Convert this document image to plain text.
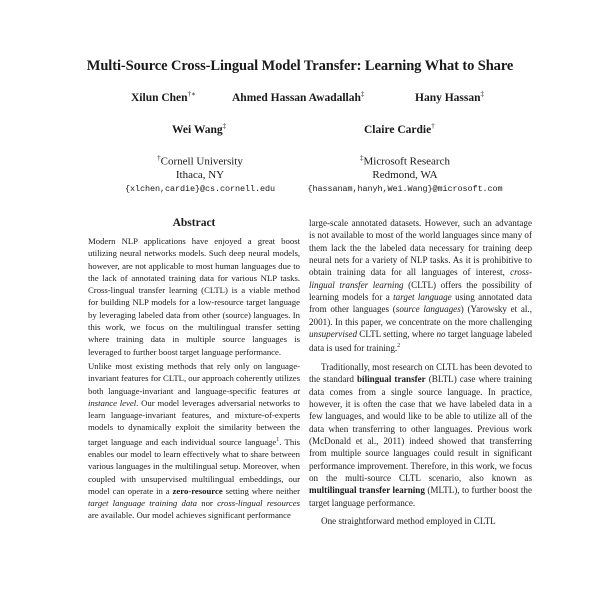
Multi-Source Cross-Lingual Model Transfer: Learning What to Share
Xilun Chen†∗	Ahmed Hassan Awadallah‡	Hany Hassan‡
Wei Wang‡	Claire Cardie†
†Cornell University
Ithaca, NY
{xlchen,cardie}@cs.cornell.edu
‡Microsoft Research
Redmond, WA
{hassanam,hanyh,Wei.Wang}@microsoft.com
Abstract

Modern NLP applications have enjoyed a great boost utilizing neural networks models. Such deep neural models, however, are not applicable to most human languages due to the lack of annotated training data for various NLP tasks. Cross-lingual transfer learning (CLTL) is a viable method for building NLP models for a low-resource target language by leveraging labeled data from other (source) languages. In this work, we focus on the multilingual transfer setting where training data in multiple source languages is leveraged to further boost target language performance.

Unlike most existing methods that rely only on language-invariant features for CLTL, our approach coherently utilizes both language-invariant and language-specific features at instance level. Our model leverages adversarial networks to learn language-invariant features, and mixture-of-experts models to dynamically exploit the similarity between the target language and each individual source language$^1$. This enables our model to learn effectively what to share between various languages in the multilingual setup. Moreover, when coupled with unsupervised multilingual embeddings, our model can operate in a zero-resource setting where neither target language training data nor cross-lingual resources are available. Our model achieves significant performance

large-scale annotated datasets. However, such an advantage is not available to most of the world languages since many of them lack the the labeled data necessary for training deep neural nets for a variety of NLP tasks. As it is prohibitive to obtain training data for all languages of interest, cross-lingual transfer learning (CLTL) offers the possibility of learning models for a target language using annotated data from other languages (source languages) (Yarowsky et al., 2001). In this paper, we concentrate on the more challenging unsupervised CLTL setting, where no target language labeled data is used for training.$^2$

Traditionally, most research on CLTL has been devoted to the standard bilingual transfer (BLTL) case where training data comes from a single source language. In practice, however, it is often the case that we have labeled data in a few languages, and would like to be able to utilize all of the data when transferring to other languages. Previous work (McDonald et al., 2011) indeed showed that transferring from multiple source languages could result in significant performance improvement. Therefore, in this work, we focus on the multi-source CLTL scenario, also known as multilingual transfer learning (MLTL), to further boost the target language performance.

One straightforward method employed in CLTL
